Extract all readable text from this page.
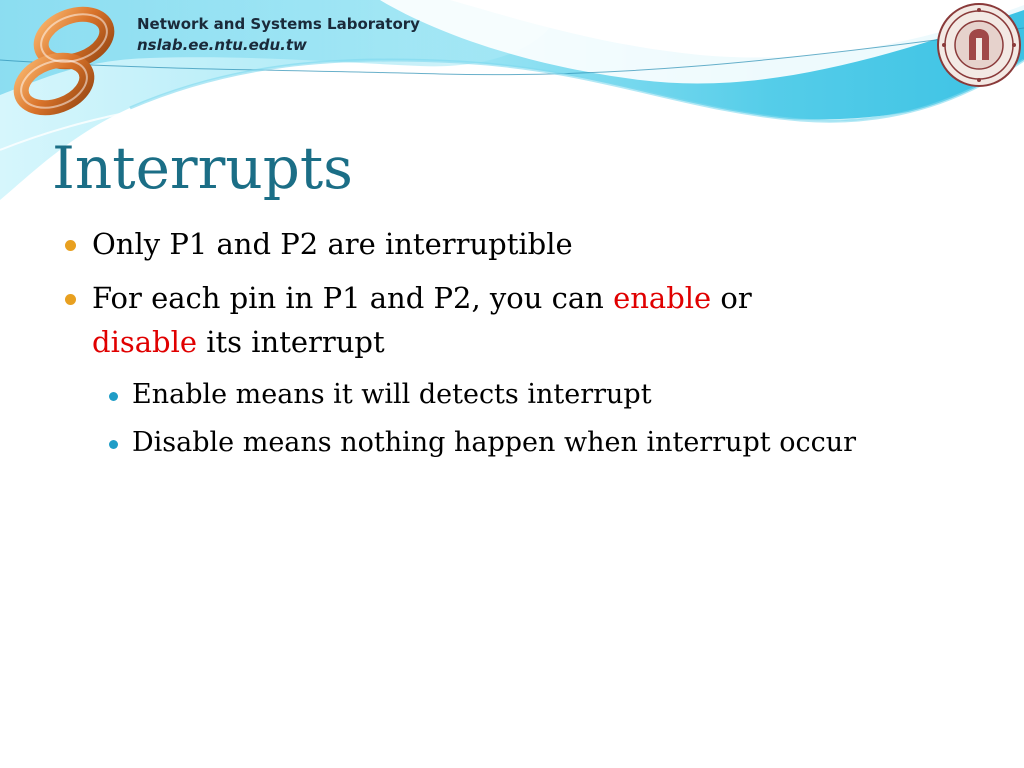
Network and Systems Laboratory
nslab.ee.ntu.edu.tw
Interrupts
Only P1 and P2 are interruptible
For each pin in P1 and P2, you can enable or
disable its interrupt
Enable means it will detects interrupt
Disable means nothing happen when interrupt occur
